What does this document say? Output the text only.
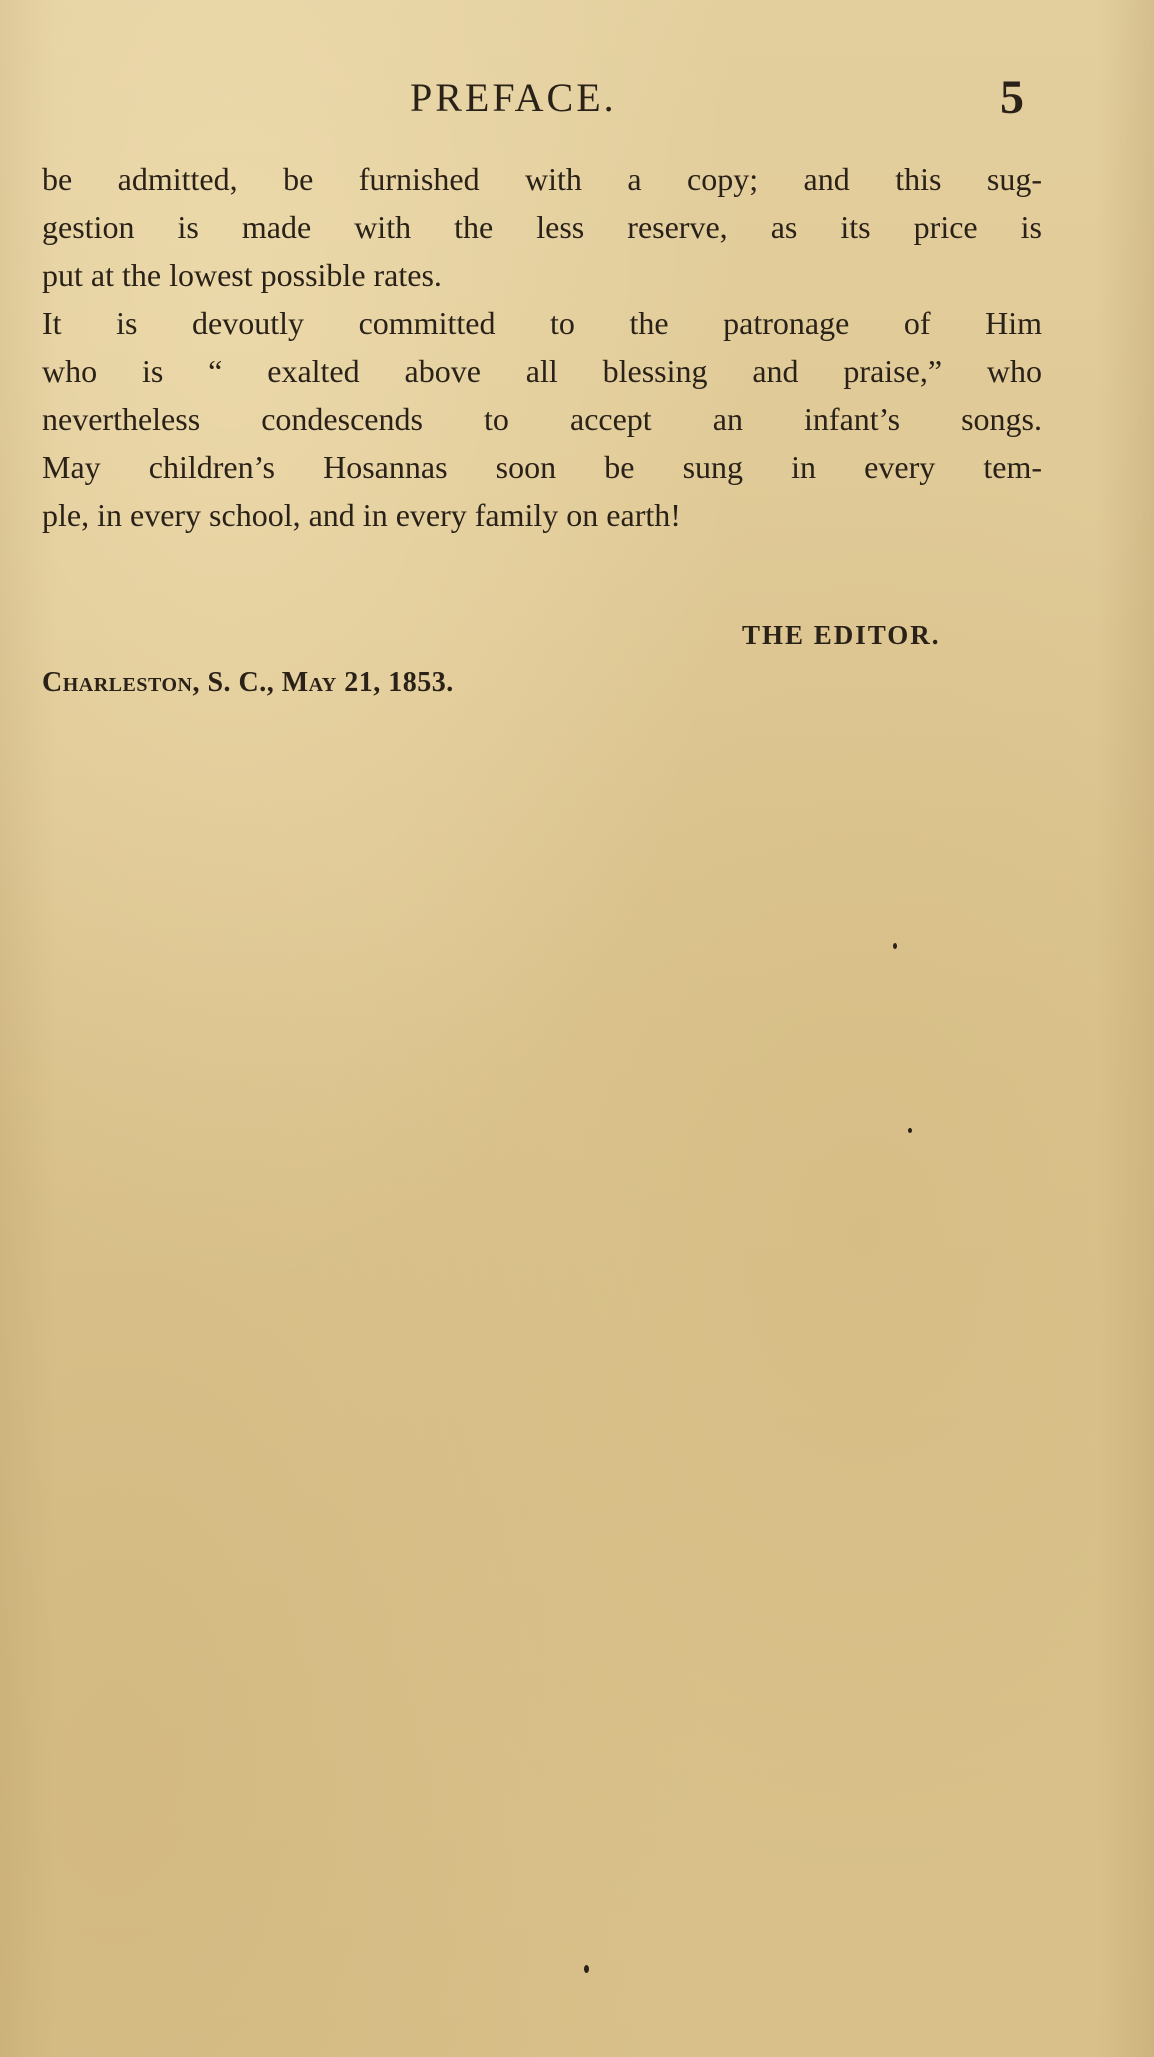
PREFACE.	5
be admitted, be furnished with a copy; and this sug-
gestion is made with the less reserve, as its price is
put at the lowest possible rates.
It is devoutly committed to the patronage of Him
who is “ exalted above all blessing and praise,” who
nevertheless condescends to accept an infant’s songs.
May children’s Hosannas soon be sung in every tem-
ple, in every school, and in every family on earth!
THE EDITOR.
Charleston, S. C., May 21, 1853.
